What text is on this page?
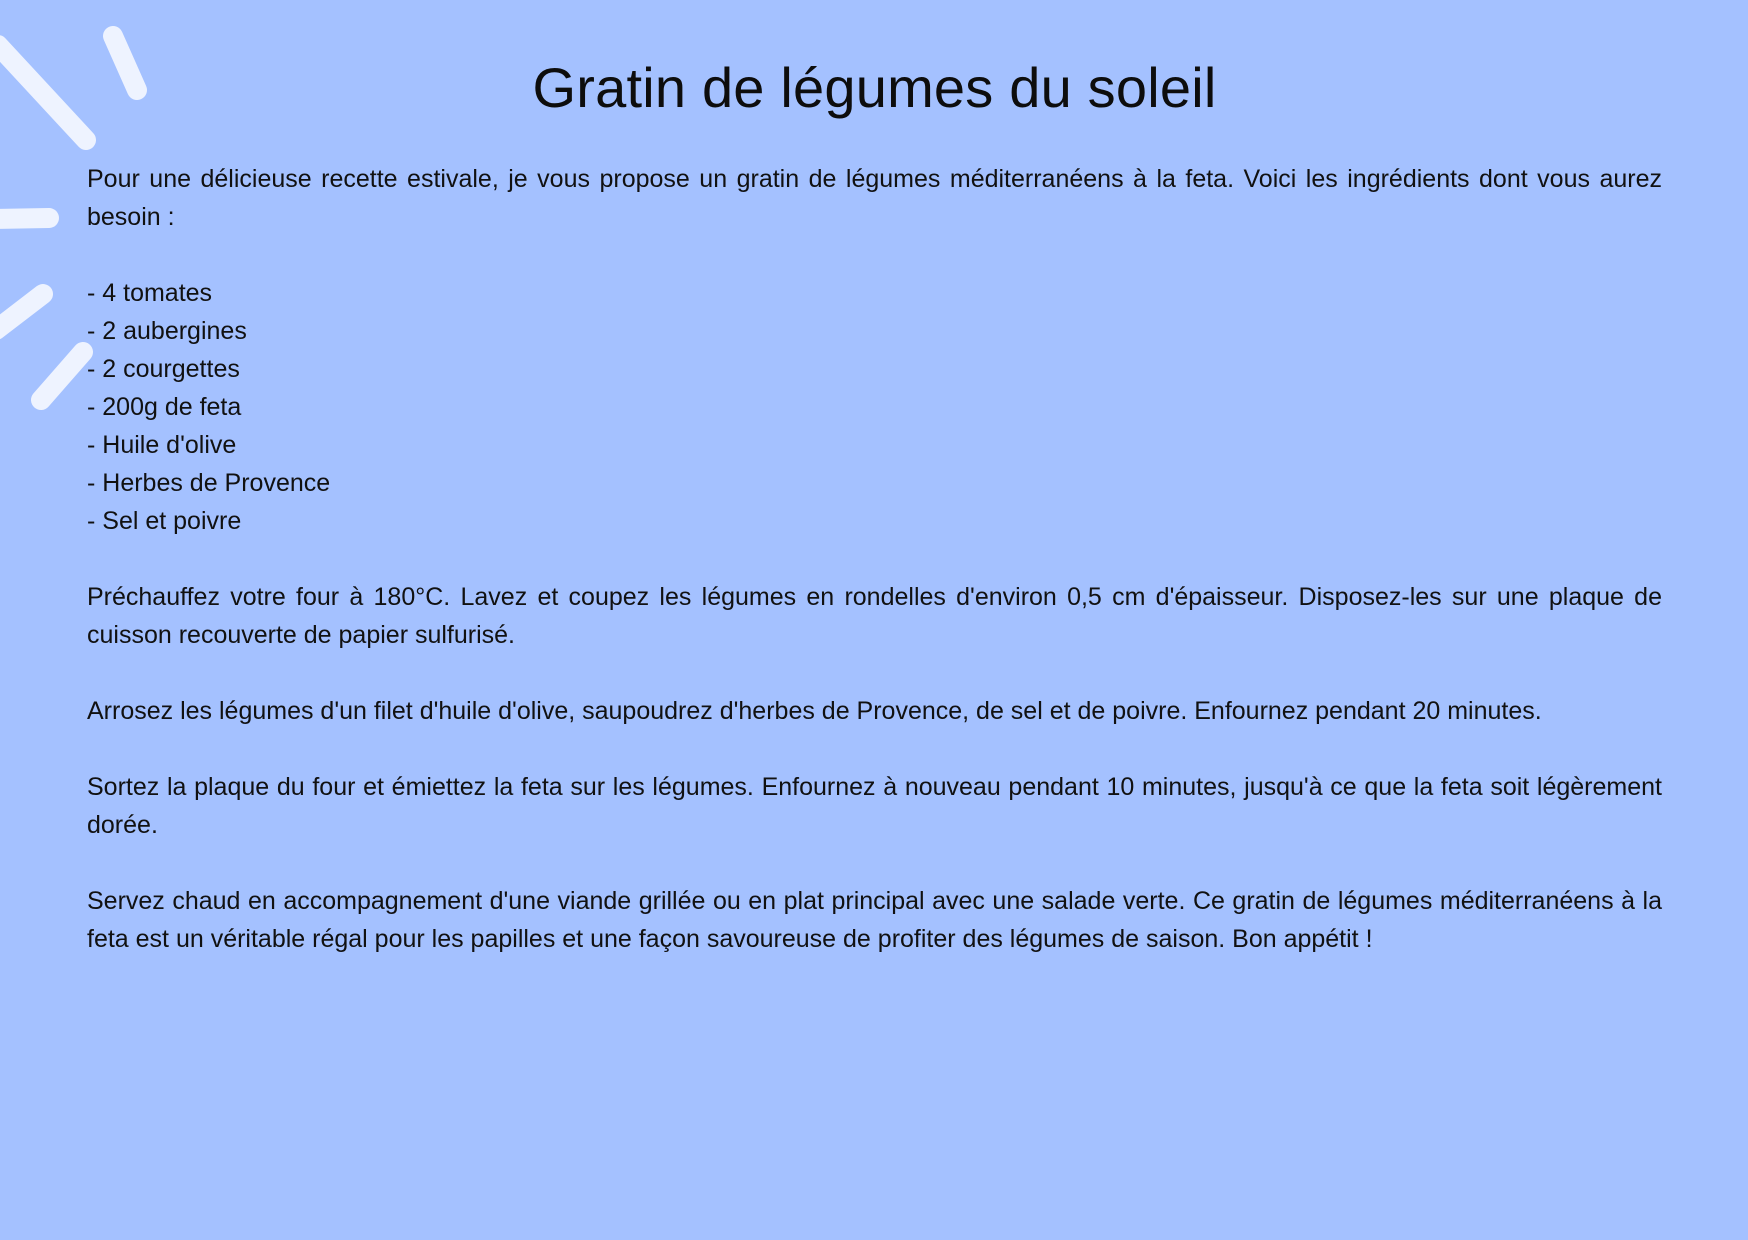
Gratin de légumes du soleil

Pour une délicieuse recette estivale, je vous propose un gratin de légumes méditerranéens à la feta. Voici les ingrédients dont vous aurez besoin :

- 4 tomates
- 2 aubergines
- 2 courgettes
- 200g de feta
- Huile d'olive
- Herbes de Provence
- Sel et poivre

Préchauffez votre four à 180°C. Lavez et coupez les légumes en rondelles d'environ 0,5 cm d'épaisseur. Disposez-les sur une plaque de cuisson recouverte de papier sulfurisé.

Arrosez les légumes d'un filet d'huile d'olive, saupoudrez d'herbes de Provence, de sel et de poivre. Enfournez pendant 20 minutes.

Sortez la plaque du four et émiettez la feta sur les légumes. Enfournez à nouveau pendant 10 minutes, jusqu'à ce que la feta soit légèrement dorée.

Servez chaud en accompagnement d'une viande grillée ou en plat principal avec une salade verte. Ce gratin de légumes méditerranéens à la feta est un véritable régal pour les papilles et une façon savoureuse de profiter des légumes de saison. Bon appétit !
